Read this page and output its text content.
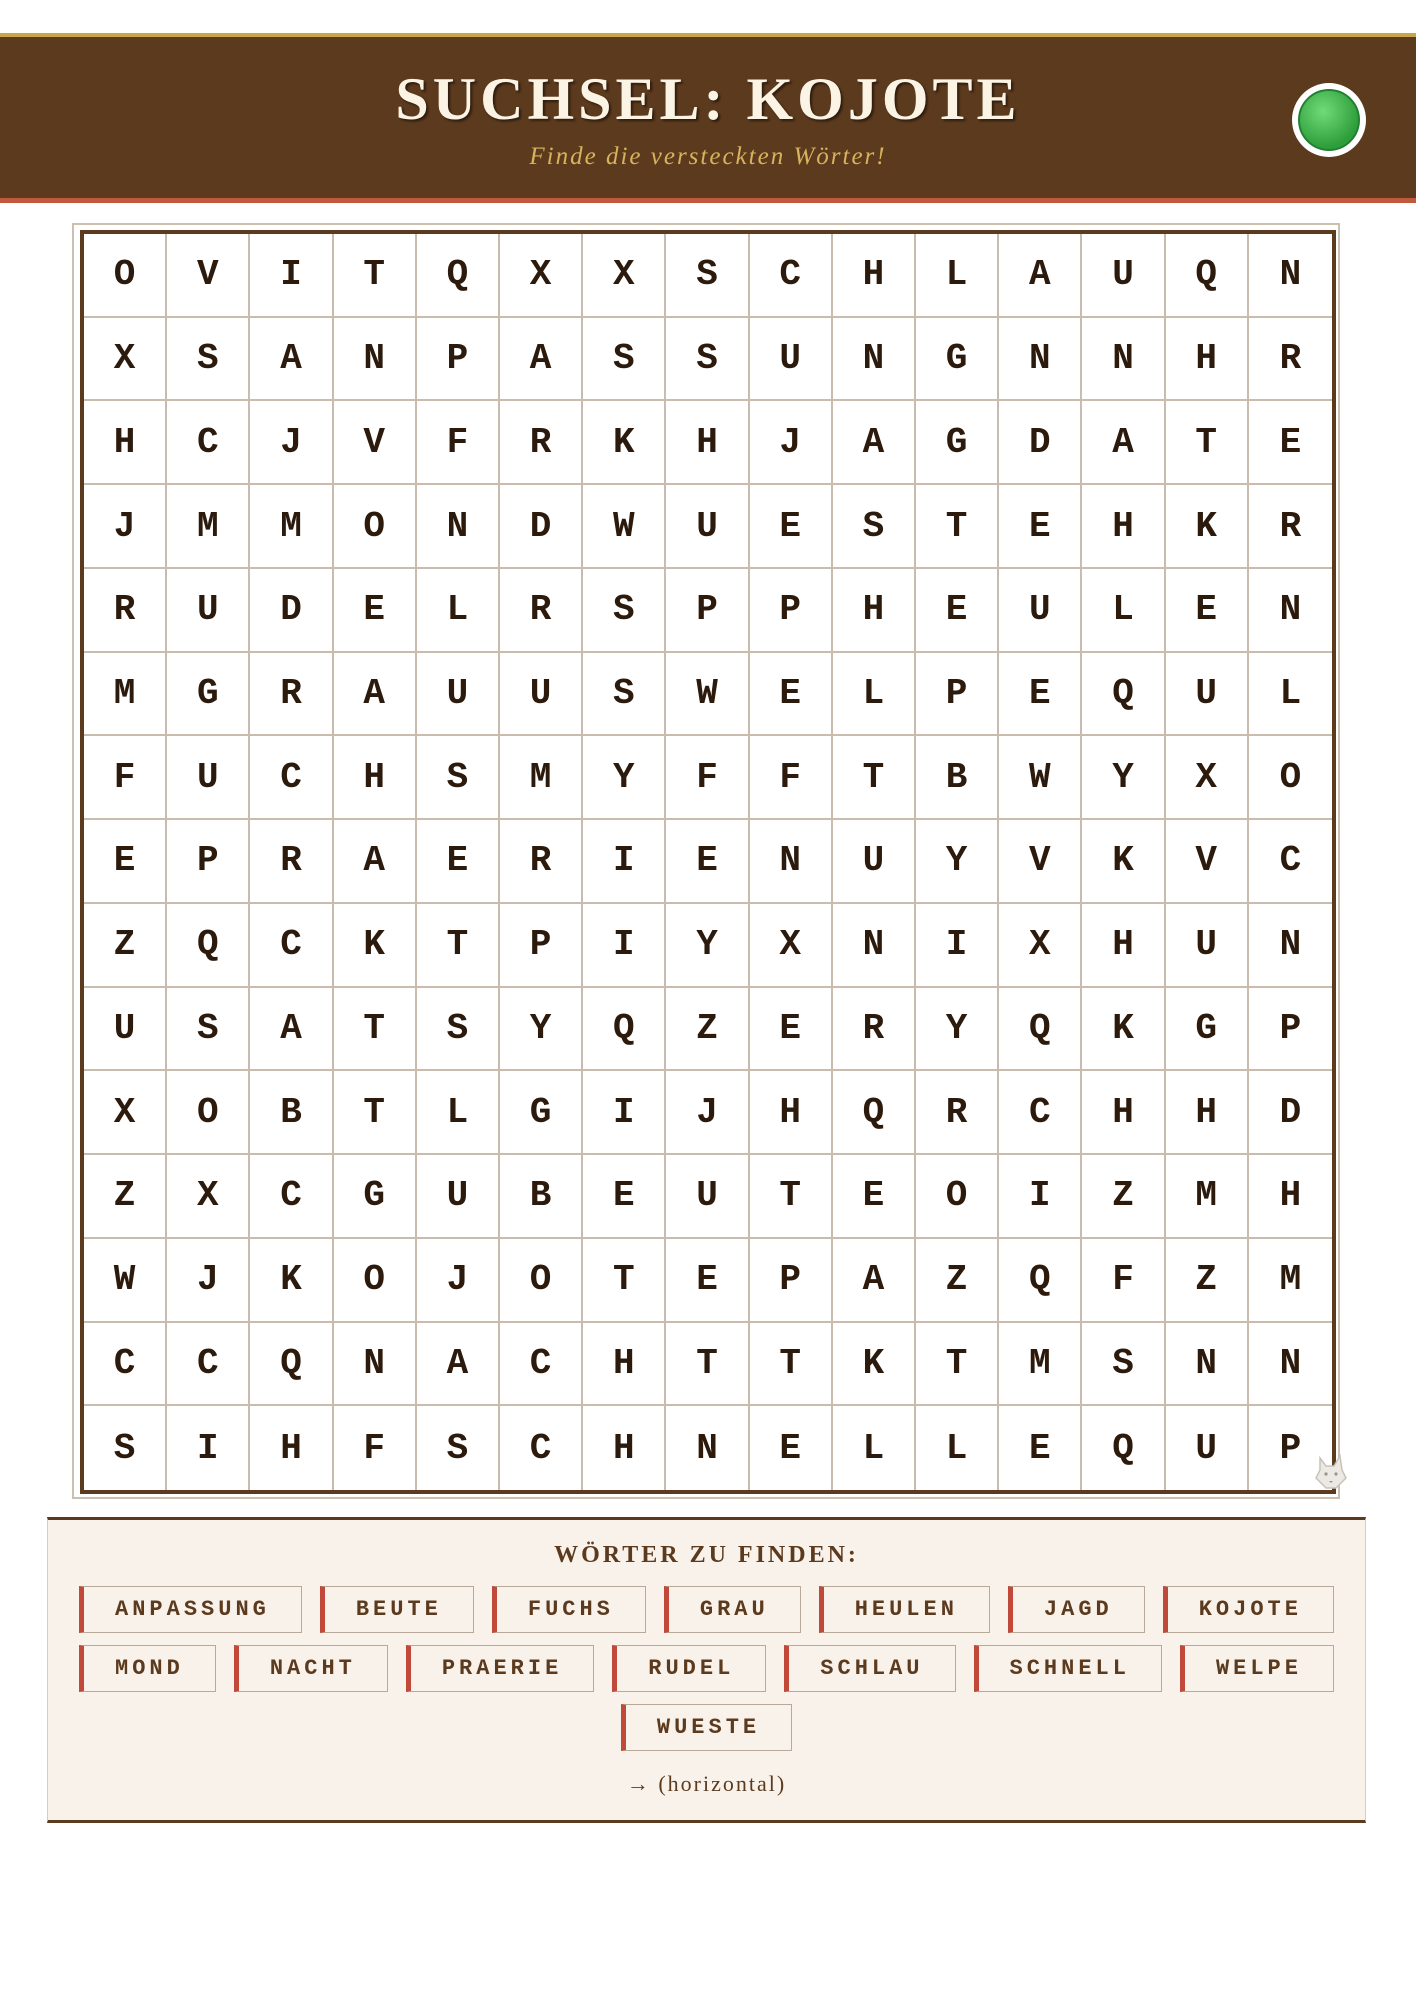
SUCHSEL: KOJOTE
Finde die versteckten Wörter!
O	V	I	T	Q	X	X	S	C	H	L	A	U	Q	N
X	S	A	N	P	A	S	S	U	N	G	N	N	H	R
H	C	J	V	F	R	K	H	J	A	G	D	A	T	E
J	M	M	O	N	D	W	U	E	S	T	E	H	K	R
R	U	D	E	L	R	S	P	P	H	E	U	L	E	N
M	G	R	A	U	U	S	W	E	L	P	E	Q	U	L
F	U	C	H	S	M	Y	F	F	T	B	W	Y	X	O
E	P	R	A	E	R	I	E	N	U	Y	V	K	V	C
Z	Q	C	K	T	P	I	Y	X	N	I	X	H	U	N
U	S	A	T	S	Y	Q	Z	E	R	Y	Q	K	G	P
X	O	B	T	L	G	I	J	H	Q	R	C	H	H	D
Z	X	C	G	U	B	E	U	T	E	O	I	Z	M	H
W	J	K	O	J	O	T	E	P	A	Z	Q	F	Z	M
C	C	Q	N	A	C	H	T	T	K	T	M	S	N	N
S	I	H	F	S	C	H	N	E	L	L	E	Q	U	P
WÖRTER ZU FINDEN:
ANPASSUNG	BEUTE	FUCHS	GRAU	HEULEN	JAGD	KOJOTE
MOND	NACHT	PRAERIE	RUDEL	SCHLAU	SCHNELL	WELPE
WUESTE
→ (horizontal)
